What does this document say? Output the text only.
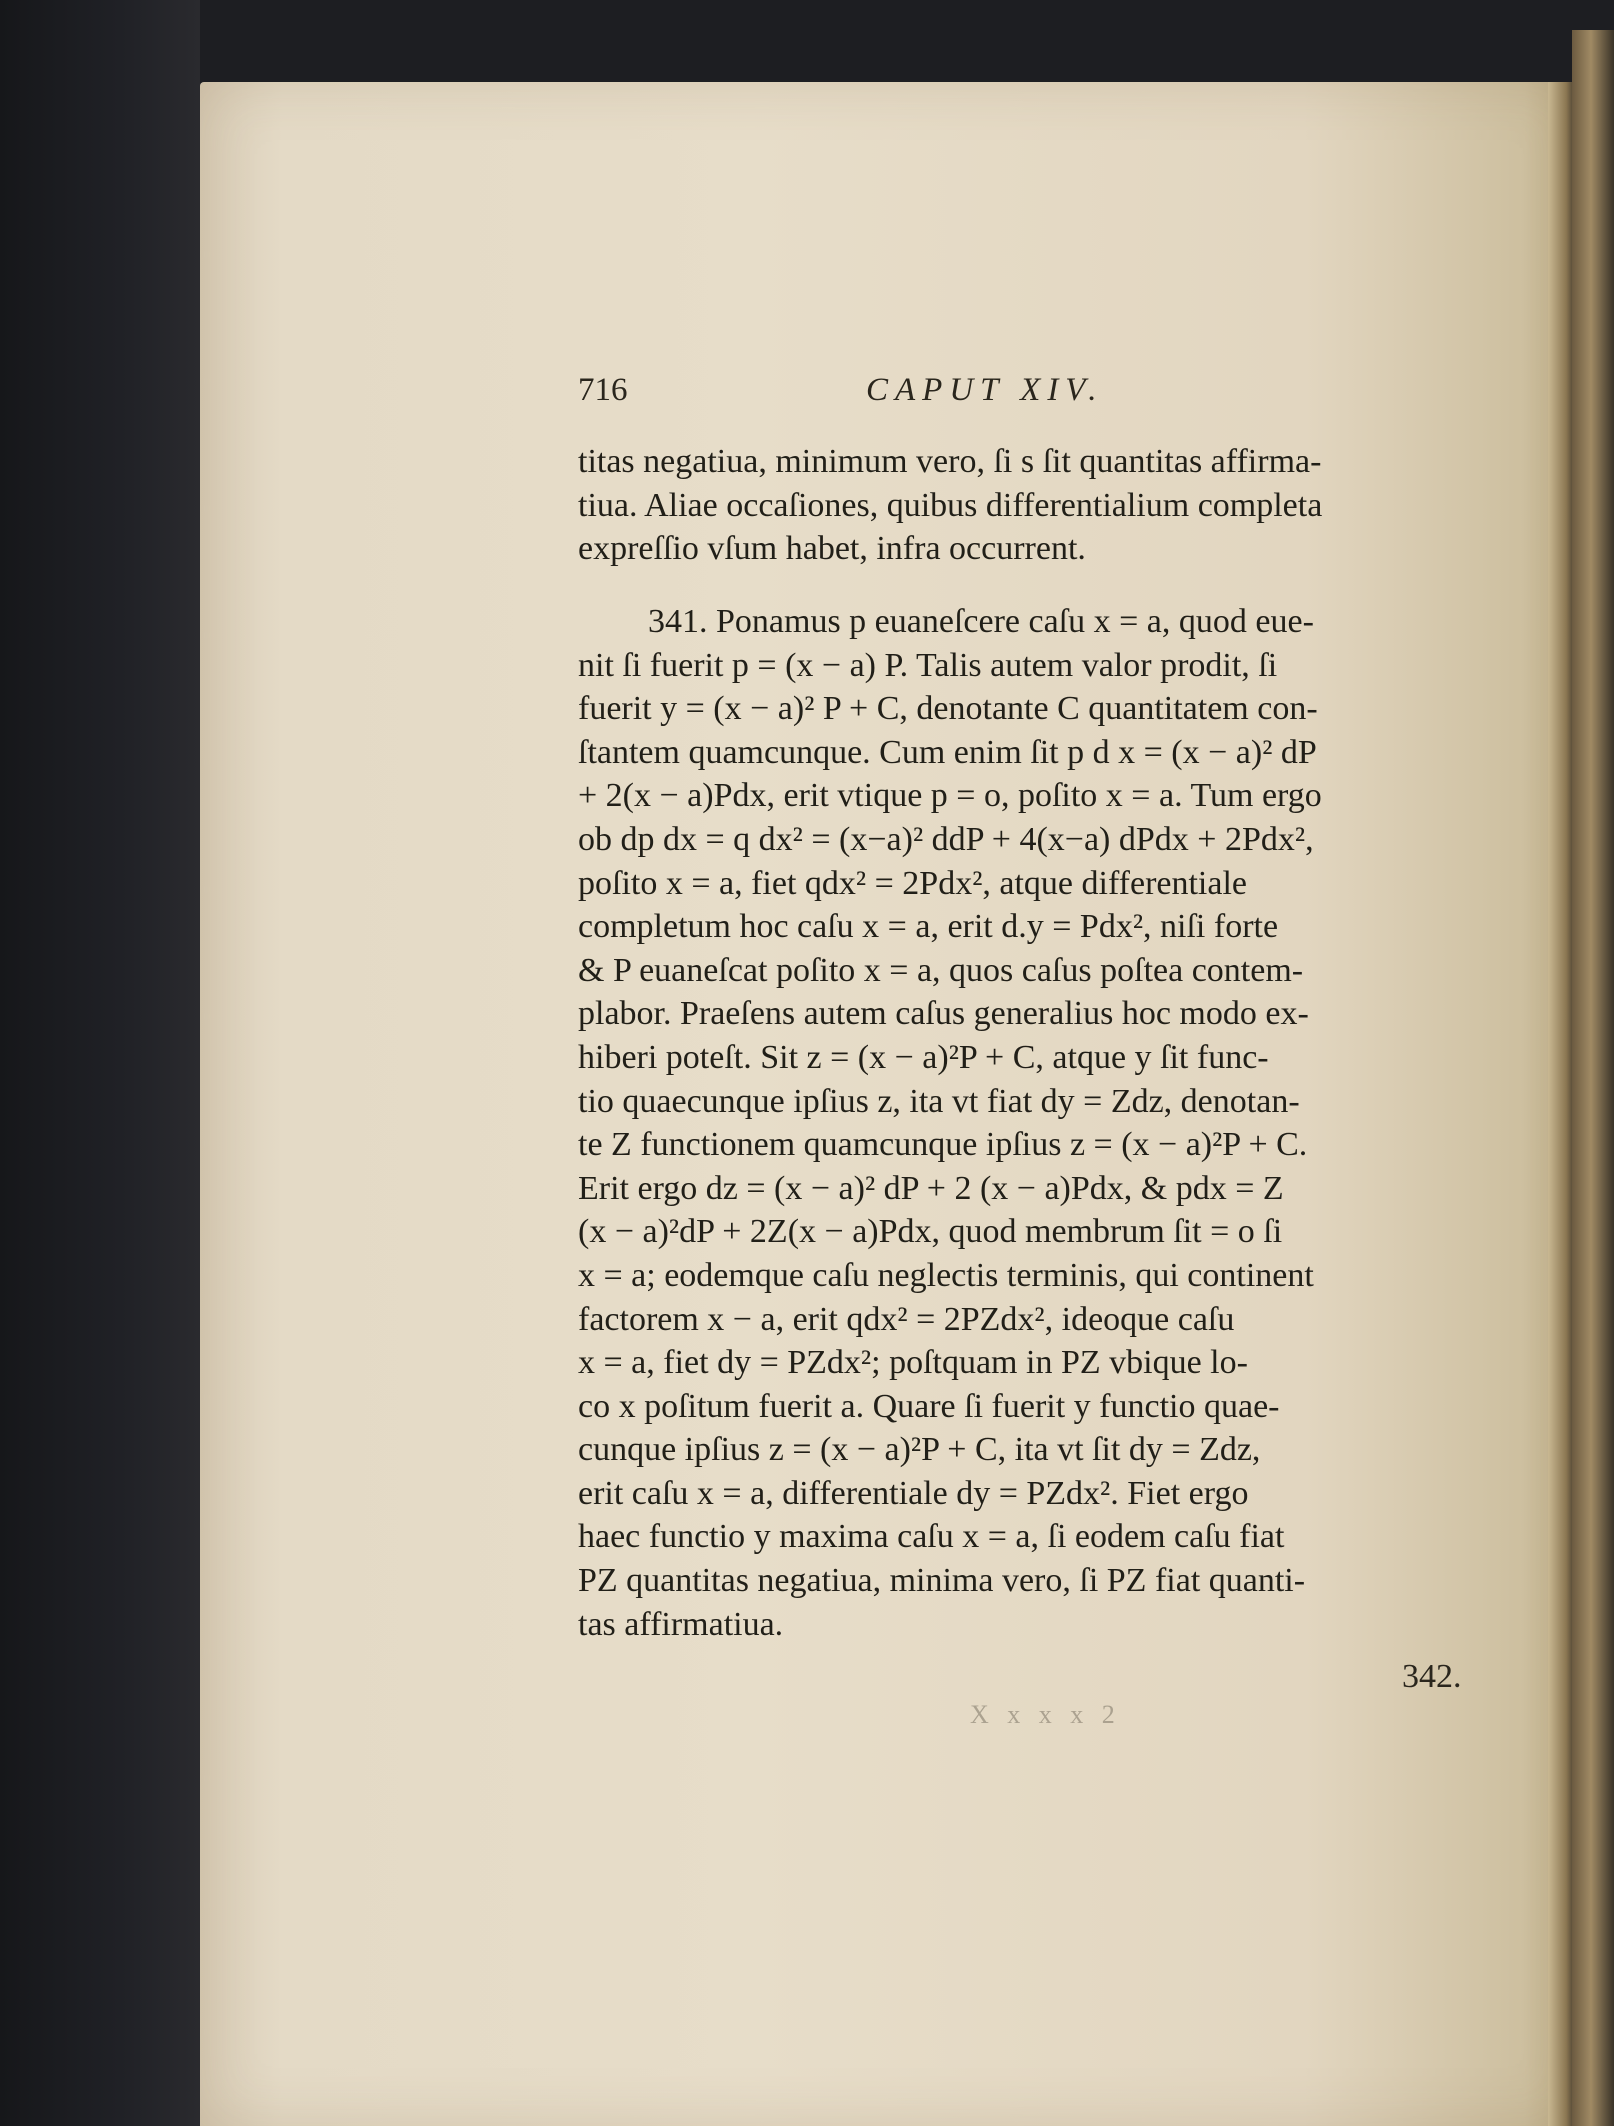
716	CAPUT XIV.
titas negatiua, minimum vero, ſi s ſit quantitas affirma-
tiua. Aliae occaſiones, quibus differentialium completa
expreſſio vſum habet, infra occurrent.
341. Ponamus p euaneſcere caſu x = a, quod eue-
nit ſi fuerit p = (x − a) P. Talis autem valor prodit, ſi
fuerit y = (x − a)² P + C, denotante C quantitatem con-
ſtantem quamcunque. Cum enim ſit p d x = (x − a)² dP
+ 2(x − a)Pdx, erit vtique p = o, poſito x = a. Tum ergo
ob dp dx = q dx² = (x−a)² ddP + 4(x−a) dPdx + 2Pdx²,
poſito x = a, fiet qdx² = 2Pdx², atque differentiale
completum hoc caſu x = a, erit d.y = Pdx², niſi forte
& P euaneſcat poſito x = a, quos caſus poſtea contem-
plabor. Praeſens autem caſus generalius hoc modo ex-
hiberi poteſt. Sit z = (x − a)²P + C, atque y ſit func-
tio quaecunque ipſius z, ita vt fiat dy = Zdz, denotan-
te Z functionem quamcunque ipſius z = (x − a)²P + C.
Erit ergo dz = (x − a)² dP + 2 (x − a)Pdx, & pdx = Z
(x − a)²dP + 2Z(x − a)Pdx, quod membrum ſit = o ſi
x = a; eodemque caſu neglectis terminis, qui continent
factorem x − a, erit qdx² = 2PZdx², ideoque caſu
x = a, fiet dy = PZdx²; poſtquam in PZ vbique lo-
co x poſitum fuerit a. Quare ſi fuerit y functio quae-
cunque ipſius z = (x − a)²P + C, ita vt ſit dy = Zdz,
erit caſu x = a, differentiale dy = PZdx². Fiet ergo
haec functio y maxima caſu x = a, ſi eodem caſu fiat
PZ quantitas negatiua, minima vero, ſi PZ fiat quanti-
tas affirmatiua.
342.
X x x x 2
